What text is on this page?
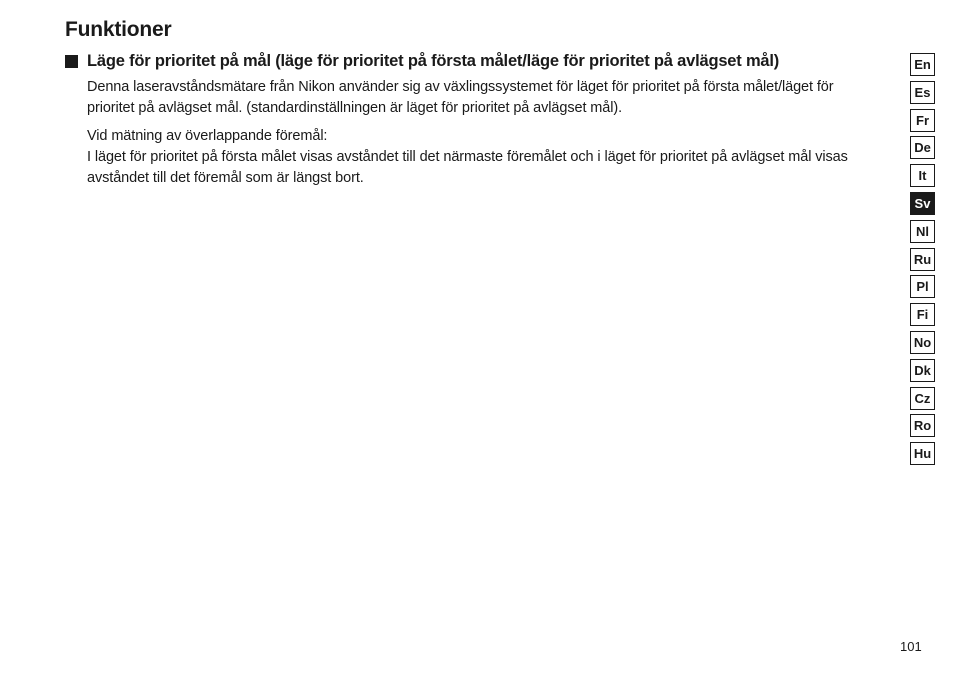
Funktioner
Läge för prioritet på mål (läge för prioritet på första målet/läge för prioritet på avlägset mål)

Denna laseravståndsmätare från Nikon använder sig av växlingssystemet för läget för prioritet på första målet/läget för prioritet på avlägset mål. (standardinställningen är läget för prioritet på avlägset mål).

Vid mätning av överlappande föremål:
I läget för prioritet på första målet visas avståndet till det närmaste föremålet och i läget för prioritet på avlägset mål visas avståndet till det föremål som är längst bort.

En
Es
Fr
De
It
Sv
Nl
Ru
Pl
Fi
No
Dk
Cz
Ro
Hu
101
